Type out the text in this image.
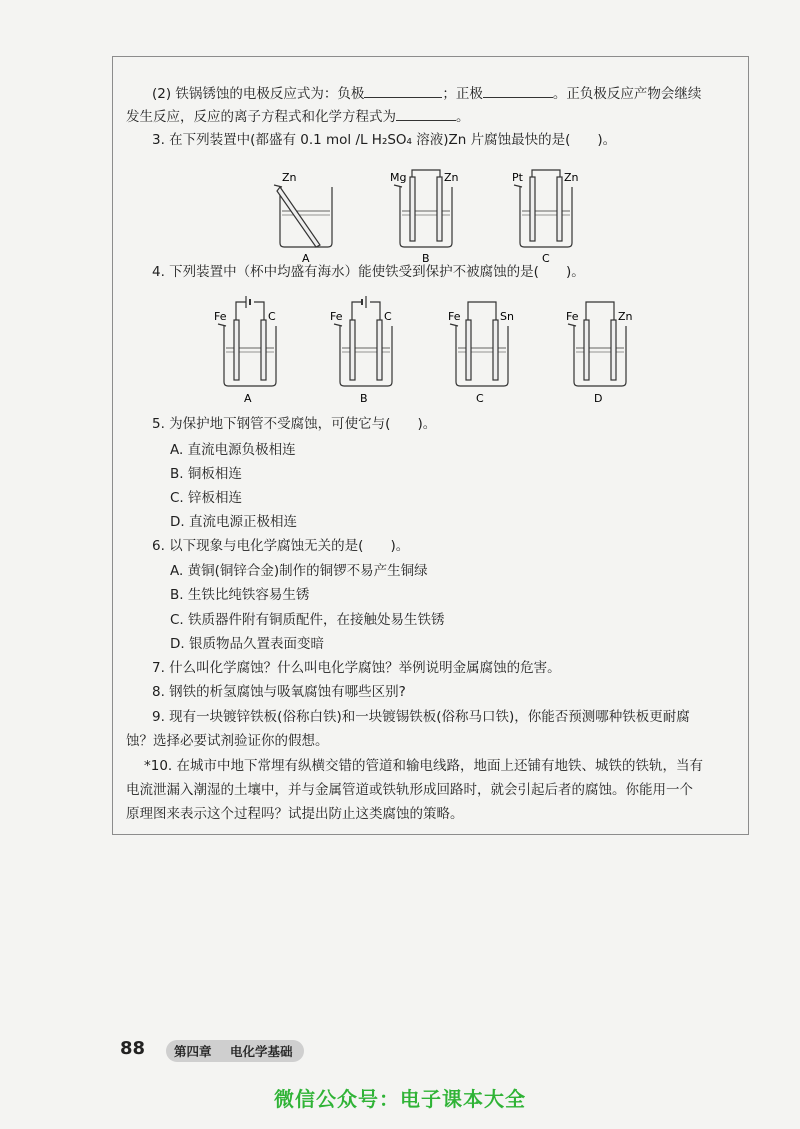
(2) 铁锅锈蚀的电极反应式为：负极	；正极	。正负极反应产物会继续
发生反应，反应的离子方程式和化学方程式为	。
3. 在下列装置中(都盛有 0.1 mol /L H₂SO₄ 溶液)Zn 片腐蚀最快的是(　　)。
Zn
A
Mg	Zn
B
Pt	Zn
C
4. 下列装置中（杯中均盛有海水）能使铁受到保护不被腐蚀的是(　　)。
Fe	C
A
Fe	C
B
Fe	Sn
C
Fe	Zn
D
5. 为保护地下钢管不受腐蚀，可使它与(　　)。
A. 直流电源负极相连
B. 铜板相连
C. 锌板相连
D. 直流电源正极相连
6. 以下现象与电化学腐蚀无关的是(　　)。
A. 黄铜(铜锌合金)制作的铜锣不易产生铜绿
B. 生铁比纯铁容易生锈
C. 铁质器件附有铜质配件，在接触处易生铁锈
D. 银质物品久置表面变暗
7. 什么叫化学腐蚀？什么叫电化学腐蚀？举例说明金属腐蚀的危害。
8. 钢铁的析氢腐蚀与吸氧腐蚀有哪些区别?
9. 现有一块镀锌铁板(俗称白铁)和一块镀锡铁板(俗称马口铁)，你能否预测哪种铁板更耐腐
蚀？选择必要试剂验证你的假想。
*10. 在城市中地下常埋有纵横交错的管道和输电线路，地面上还铺有地铁、城铁的铁轨，当有
电流泄漏入潮湿的土壤中，并与金属管道或铁轨形成回路时，就会引起后者的腐蚀。你能用一个
原理图来表示这个过程吗？试提出防止这类腐蚀的策略。
88 第四章 电化学基础
微信公众号：电子课本大全
